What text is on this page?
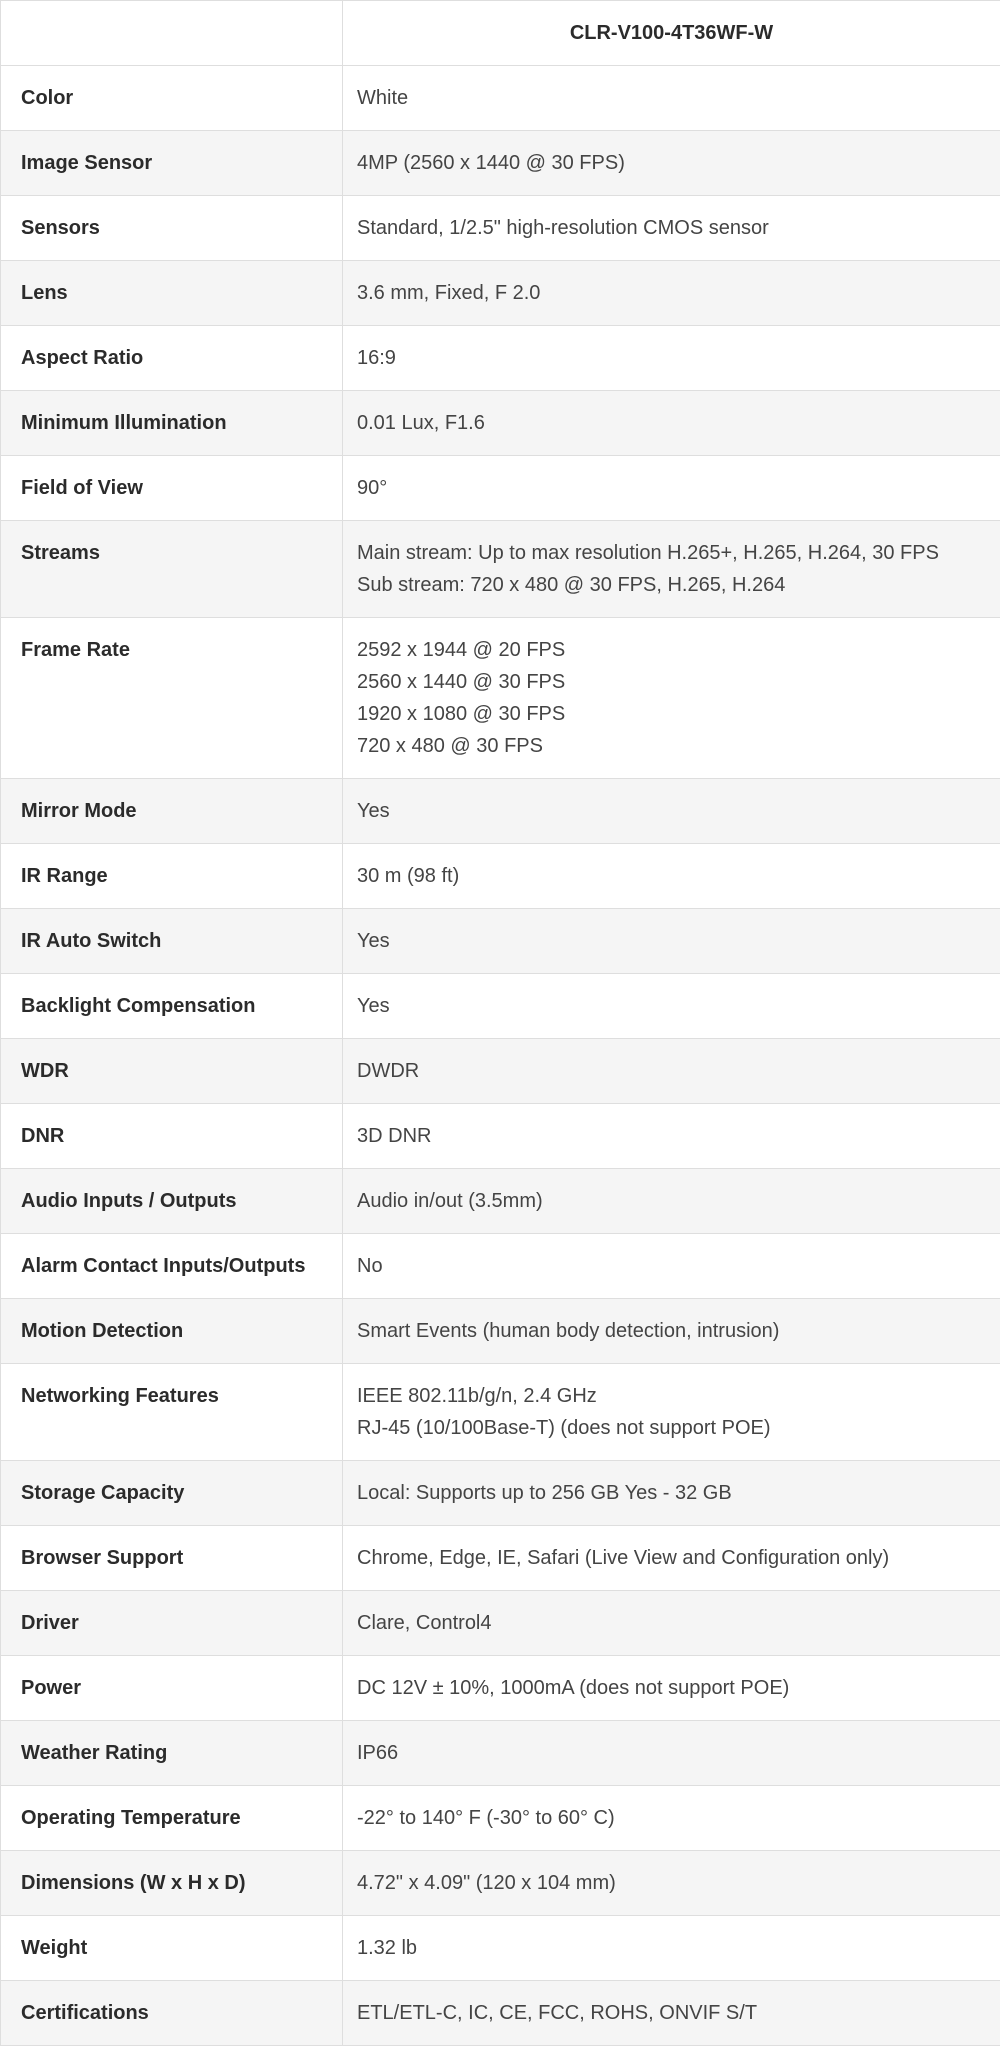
	CLR-V100-4T36WF-W
Color	White

Image Sensor	4MP (2560 x 1440 @ 30 FPS)

Sensors	Standard, 1/2.5" high-resolution CMOS sensor

Lens	3.6 mm, Fixed, F 2.0

Aspect Ratio	16:9

Minimum Illumination	0.01 Lux, F1.6

Field of View	90°

Streams	Main stream: Up to max resolution H.265+, H.265, H.264, 30 FPS
Sub stream: 720 x 480 @ 30 FPS, H.265, H.264

Frame Rate	2592 x 1944 @ 20 FPS
2560 x 1440 @ 30 FPS
1920 x 1080 @ 30 FPS
720 x 480 @ 30 FPS

Mirror Mode	Yes

IR Range	30 m (98 ft)

IR Auto Switch	Yes

Backlight Compensation	Yes

WDR	DWDR

DNR	3D DNR

Audio Inputs / Outputs	Audio in/out (3.5mm)

Alarm Contact Inputs/Outputs	No

Motion Detection	Smart Events (human body detection, intrusion)

Networking Features	IEEE 802.11b/g/n, 2.4 GHz
RJ-45 (10/100Base-T) (does not support POE)

Storage Capacity	Local: Supports up to 256 GB Yes - 32 GB

Browser Support	Chrome, Edge, IE, Safari (Live View and Configuration only)

Driver	Clare, Control4

Power	DC 12V ± 10%, 1000mA (does not support POE)

Weather Rating	IP66

Operating Temperature	-22° to 140° F (-30° to 60° C)

Dimensions (W x H x D)	4.72" x 4.09" (120 x 104 mm)

Weight	1.32 lb

Certifications	ETL/ETL-C, IC, CE, FCC, ROHS, ONVIF S/T
